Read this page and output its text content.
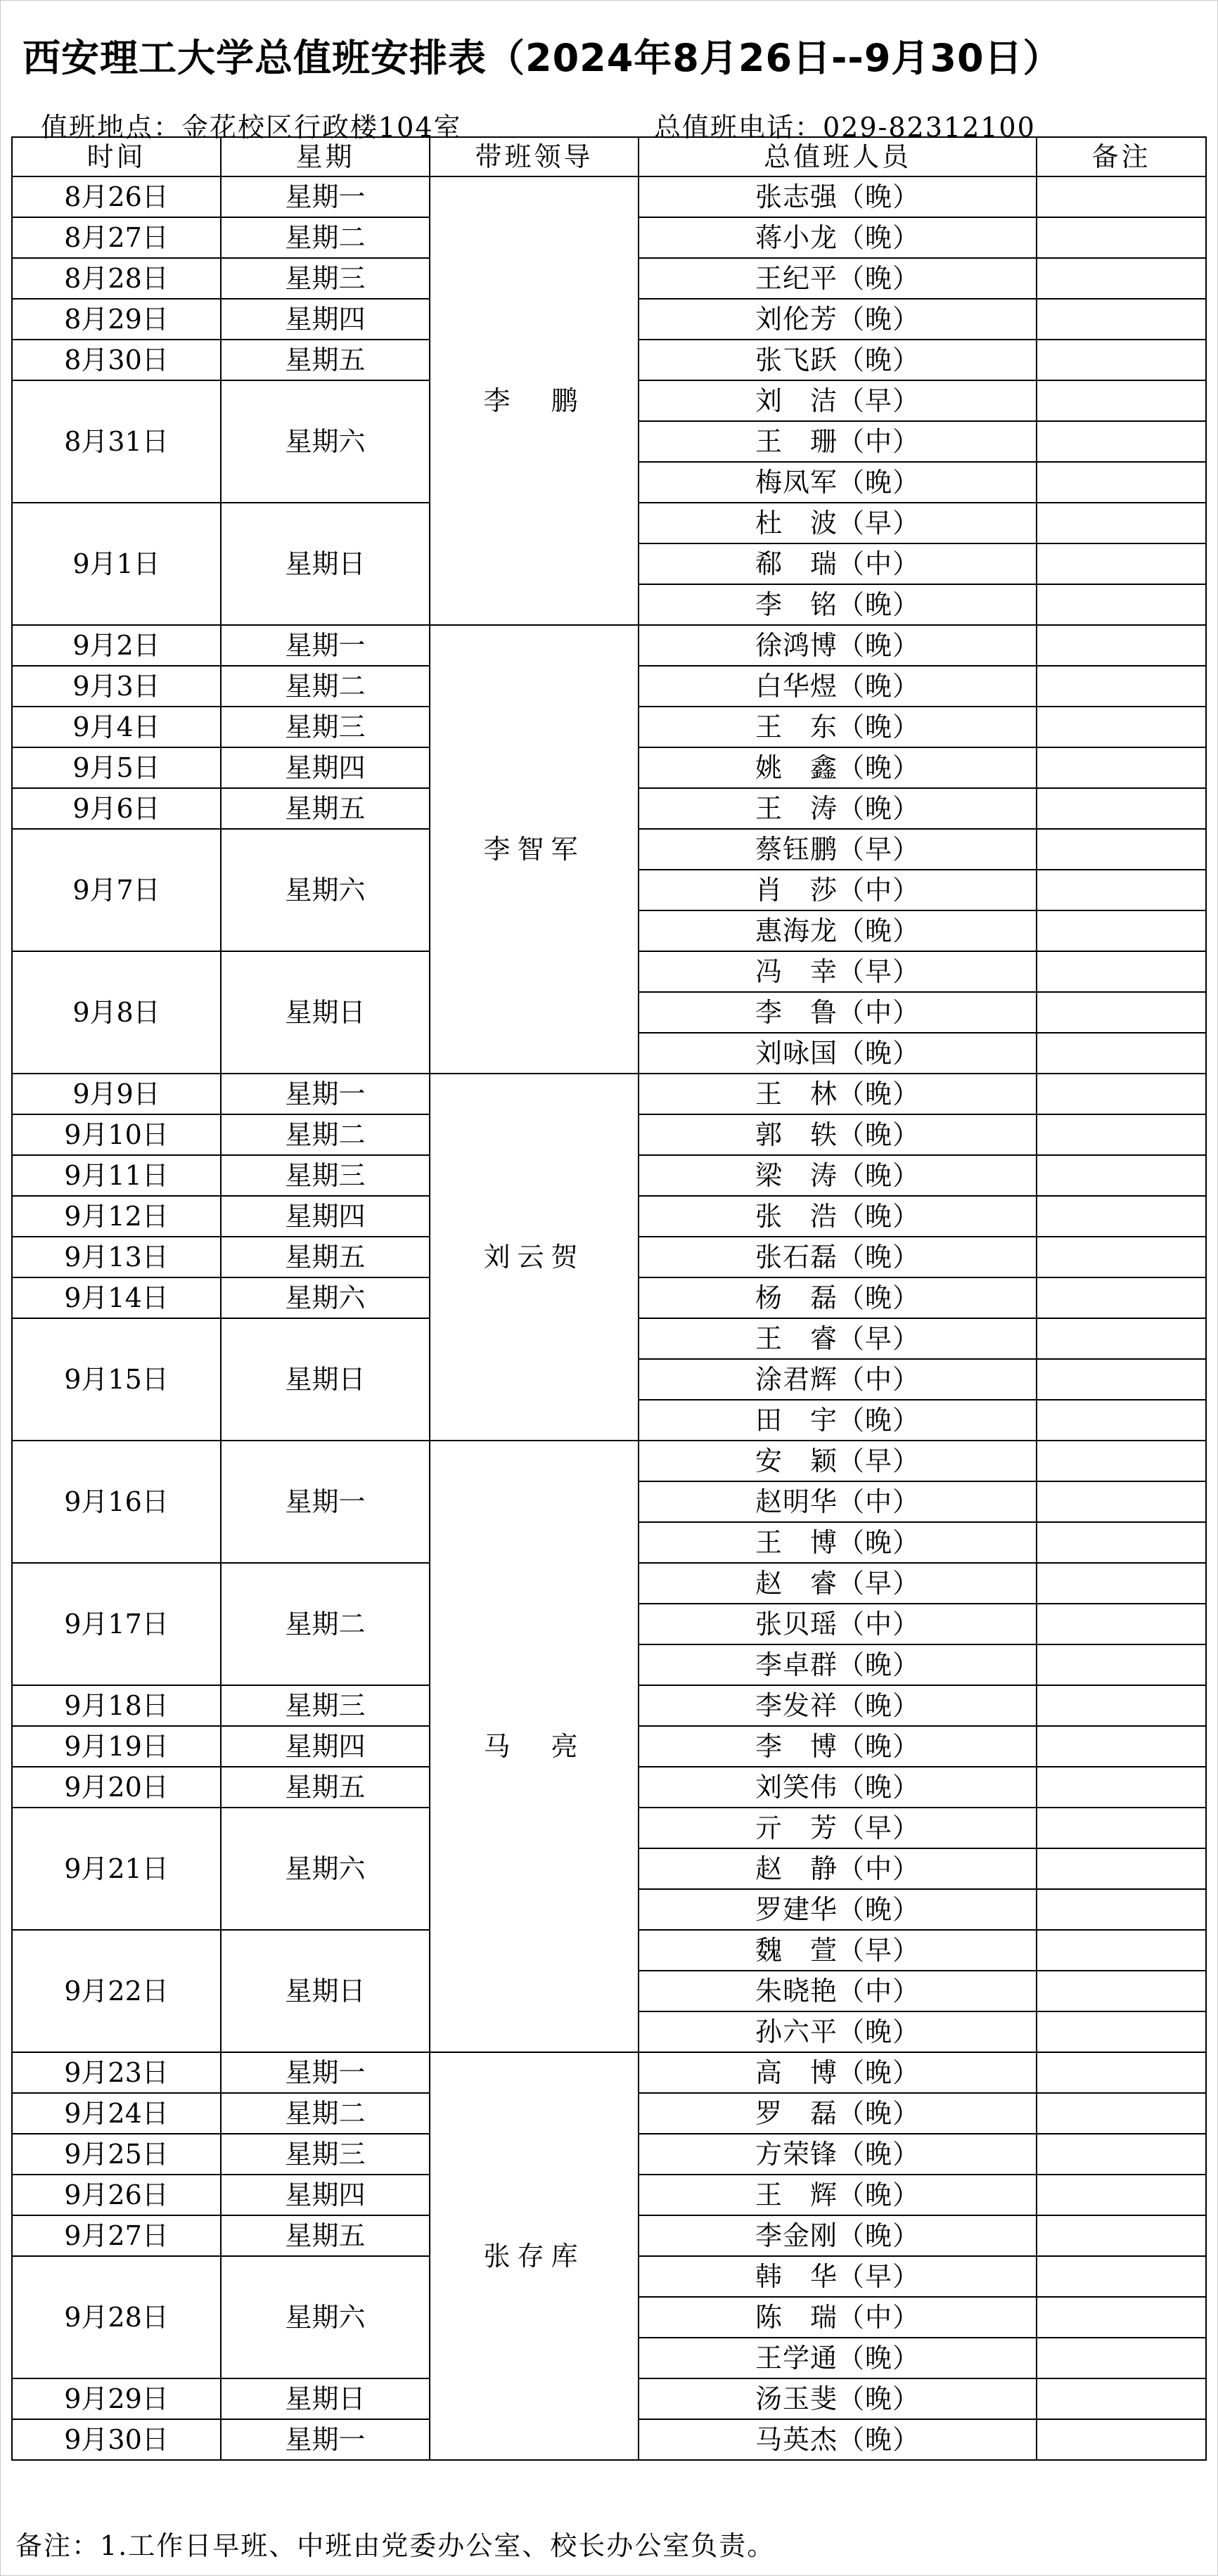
西安理工大学总值班安排表（2024年8月26日--9月30日）
值班地点：金花校区行政楼104室	总值班电话：029-82312100
时间	星期	带班领导	总值班人员	备注
8月26日	星期一	李　鹏	张志强（晚）	
8月27日	星期二		蒋小龙（晚）	
8月28日	星期三		王纪平（晚）	
8月29日	星期四		刘伦芳（晚）	
8月30日	星期五		张飞跃（晚）	
8月31日	星期六		刘　洁（早）	
			王　珊（中）	
			梅凤军（晚）	
9月1日	星期日		杜　波（早）	
			郗　瑞（中）	
			李　铭（晚）	
9月2日	星期一	李智军	徐鸿博（晚）	
9月3日	星期二		白华煜（晚）	
9月4日	星期三		王　东（晚）	
9月5日	星期四		姚　鑫（晚）	
9月6日	星期五		王　涛（晚）	
9月7日	星期六		蔡钰鹏（早）	
			肖　莎（中）	
			惠海龙（晚）	
9月8日	星期日		冯　幸（早）	
			李　鲁（中）	
			刘咏国（晚）	
9月9日	星期一	刘云贺	王　林（晚）	
9月10日	星期二		郭　轶（晚）	
9月11日	星期三		梁　涛（晚）	
9月12日	星期四		张　浩（晚）	
9月13日	星期五		张石磊（晚）	
9月14日	星期六		杨　磊（晚）	
9月15日	星期日		王　睿（早）	
			涂君辉（中）	
			田　宇（晚）	
9月16日	星期一	马　亮	安　颖（早）	
			赵明华（中）	
			王　博（晚）	
9月17日	星期二		赵　睿（早）	
			张贝瑶（中）	
			李卓群（晚）	
9月18日	星期三		李发祥（晚）	
9月19日	星期四		李　博（晚）	
9月20日	星期五		刘笑伟（晚）	
9月21日	星期六		亓　芳（早）	
			赵　静（中）	
			罗建华（晚）	
9月22日	星期日		魏　萱（早）	
			朱晓艳（中）	
			孙六平（晚）	
9月23日	星期一	张存库	高　博（晚）	
9月24日	星期二		罗　磊（晚）	
9月25日	星期三		方荣锋（晚）	
9月26日	星期四		王　辉（晚）	
9月27日	星期五		李金刚（晚）	
9月28日	星期六		韩　华（早）	
			陈　瑞（中）	
			王学通（晚）	
9月29日	星期日		汤玉斐（晚）	
9月30日	星期一		马英杰（晚）	
备注：1.工作日早班、中班由党委办公室、校长办公室负责。
